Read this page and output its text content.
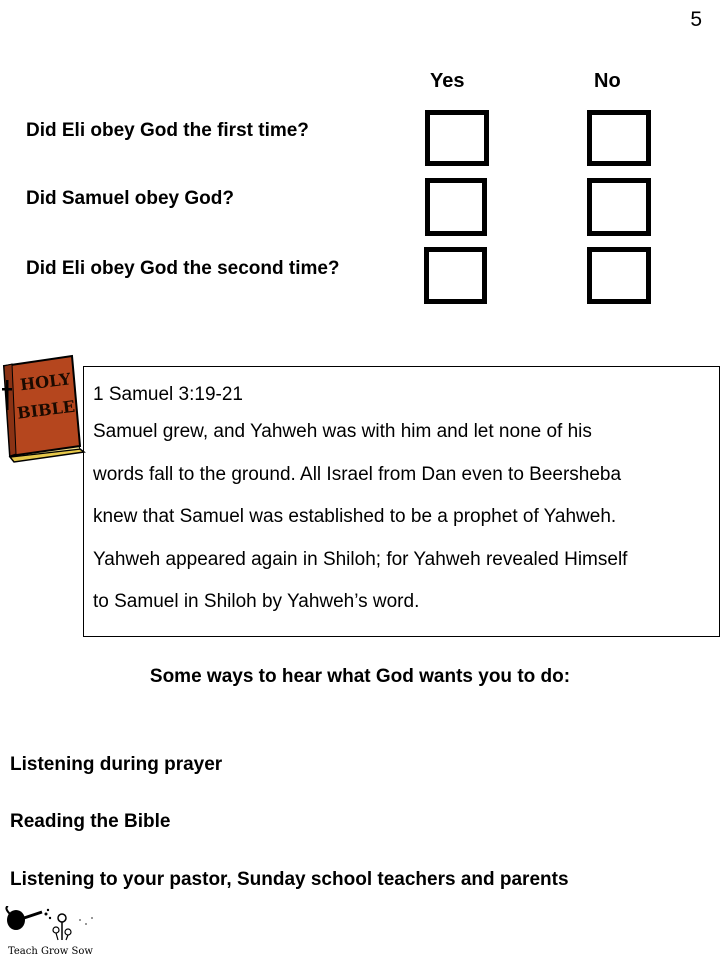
5
Yes	No
Did Eli obey God the first time?
Did Samuel obey God?
Did Eli obey God the second time?
HOLY
BIBLE
1 Samuel 3:19-21
Samuel grew, and Yahweh was with him and let none of his
words fall to the ground. All Israel from Dan even to Beersheba
knew that Samuel was established to be a prophet of Yahweh.
Yahweh appeared again in Shiloh; for Yahweh revealed Himself
to Samuel in Shiloh by Yahweh’s word.
Some ways to hear what God wants you to do:
Listening during prayer
Reading the Bible
Listening to your pastor, Sunday school teachers and parents
Teach Grow Sow
